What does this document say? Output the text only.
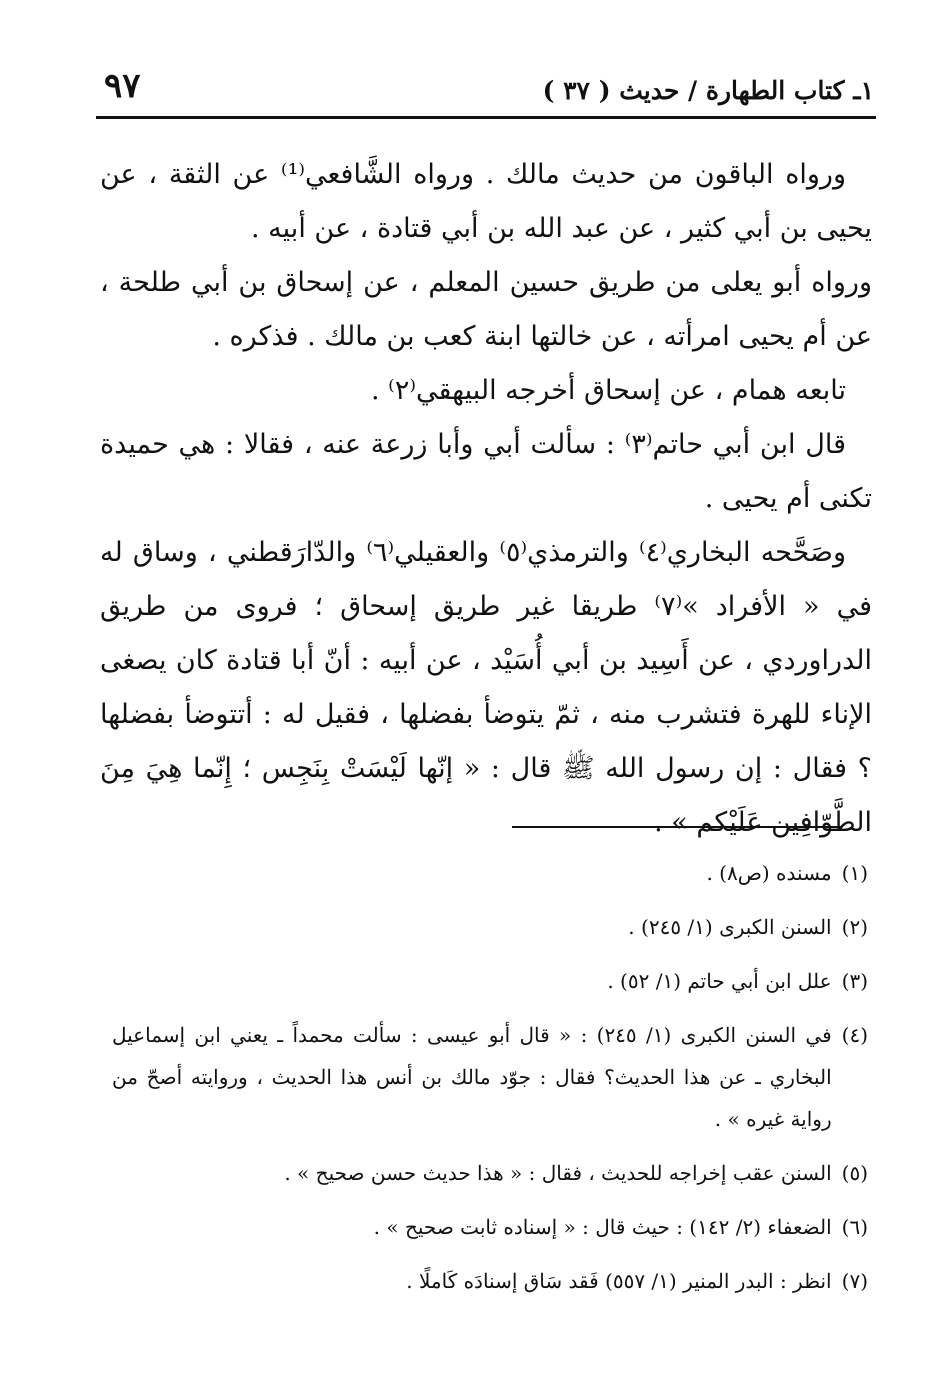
١ـ كتاب الطهارة / حديث ( ٣٧ )
٩٧

ورواه الباقون من حديث مالك . ورواه الشَّافعي⁽¹⁾ عن الثقة ، عن يحيى بن أبي كثير ، عن عبد الله بن أبي قتادة ، عن أبيه .

ورواه أبو يعلى من طريق حسين المعلم ، عن إسحاق بن أبي طلحة ، عن أم يحيى امرأته ، عن خالتها ابنة كعب بن مالك . فذكره .

تابعه همام ، عن إسحاق أخرجه البيهقي⁽٢⁾ .

قال ابن أبي حاتم⁽٣⁾ : سألت أبي وأبا زرعة عنه ، فقالا : هي حميدة تكنى أم يحيى .

وصَحَّحه البخاري⁽٤⁾ والترمذي⁽٥⁾ والعقيلي⁽٦⁾ والدّارَقطني ، وساق له في « الأفراد »⁽٧⁾ طريقا غير طريق إسحاق ؛ فروى من طريق الدراوردي ، عن أَسِيد بن أبي أُسَيْد ، عن أبيه : أنّ أبا قتادة كان يصغى الإناء للهرة فتشرب منه ، ثمّ يتوضأ بفضلها ، فقيل له : أتتوضأ بفضلها ؟ فقال : إن رسول الله ﷺ قال : « إنّها لَيْسَتْ بِنَجِس ؛ إِنّما هِيَ مِنَ الطَّوّافِين عَلَيْكم » .

(١)
مسنده (ص٨) .
(٢)
السنن الكبرى (١/ ٢٤٥) .
(٣)
علل ابن أبي حاتم (١/ ٥٢) .
(٤)
في السنن الكبرى (١/ ٢٤٥) : « قال أبو عيسى : سألت محمداً ـ يعني ابن إسماعيل البخاري ـ عن هذا الحديث؟ فقال : جوّد مالك بن أنس هذا الحديث ، وروايته أصحّ من رواية غيره » .
(٥)
السنن عقب إخراجه للحديث ، فقال : « هذا حديث حسن صحيح » .
(٦)
الضعفاء (٢/ ١٤٢) : حيث قال : « إسناده ثابت صحيح » .
(٧)
انظر : البدر المنير (١/ ٥٥٧) فَقد سَاق إسنادَه كَاملًا .
